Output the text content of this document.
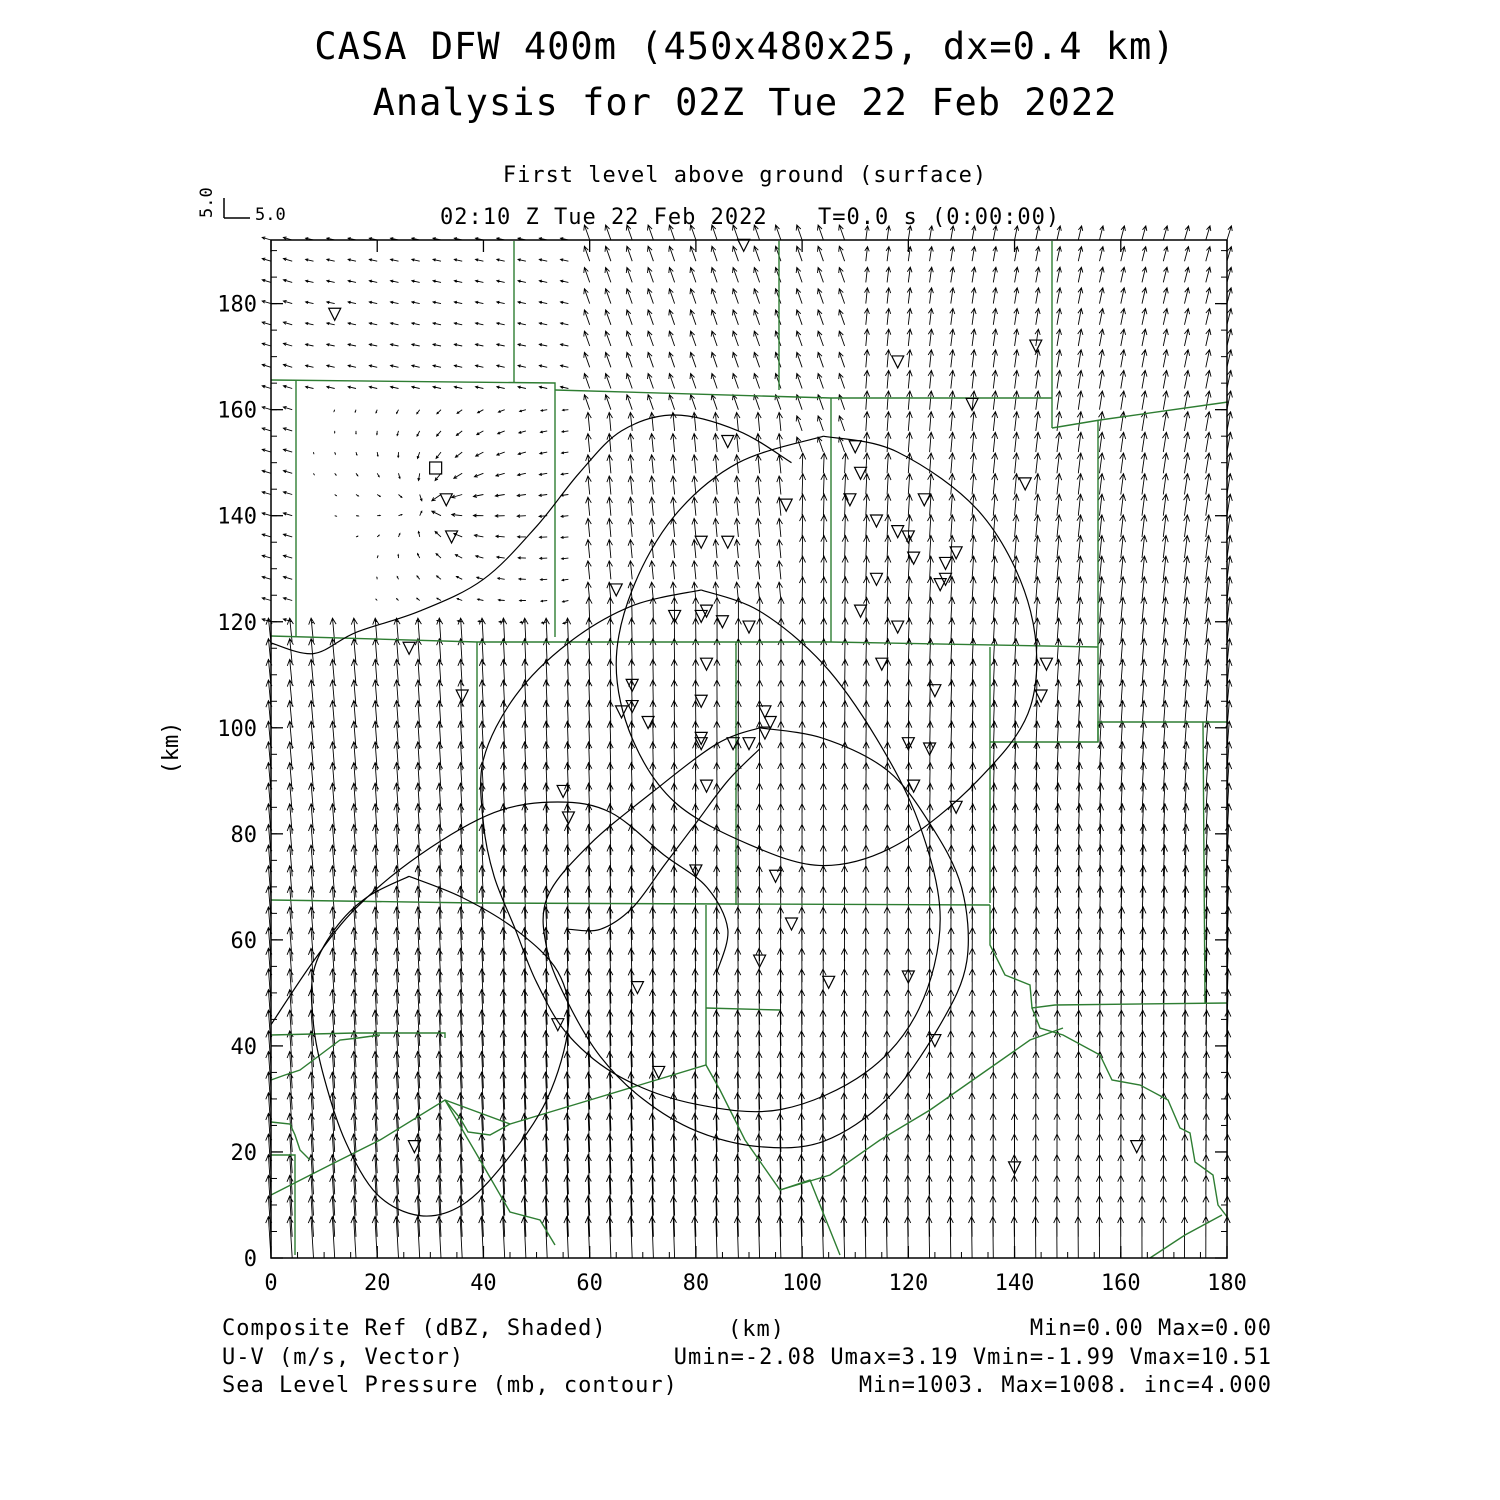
CASA DFW 400m (450x480x25, dx=0.4 km)
Analysis for 02Z Tue 22 Feb 2022
First level above ground (surface)
02:10 Z Tue 22 Feb 2022 T=0.0 s (0:00:00)
0	20	40	60	80	100	120	140	160	180
0
20
40
60
80
100
120
140
160
180
5.0 5.0
(km)
Composite Ref (dBZ, Shaded)	(km)	Min=0.00 Max=0.00
U-V (m/s, Vector)	Umin=-2.08 Umax=3.19 Vmin=-1.99 Vmax=10.51
Sea Level Pressure (mb, contour)	Min=1003. Max=1008. inc=4.000
